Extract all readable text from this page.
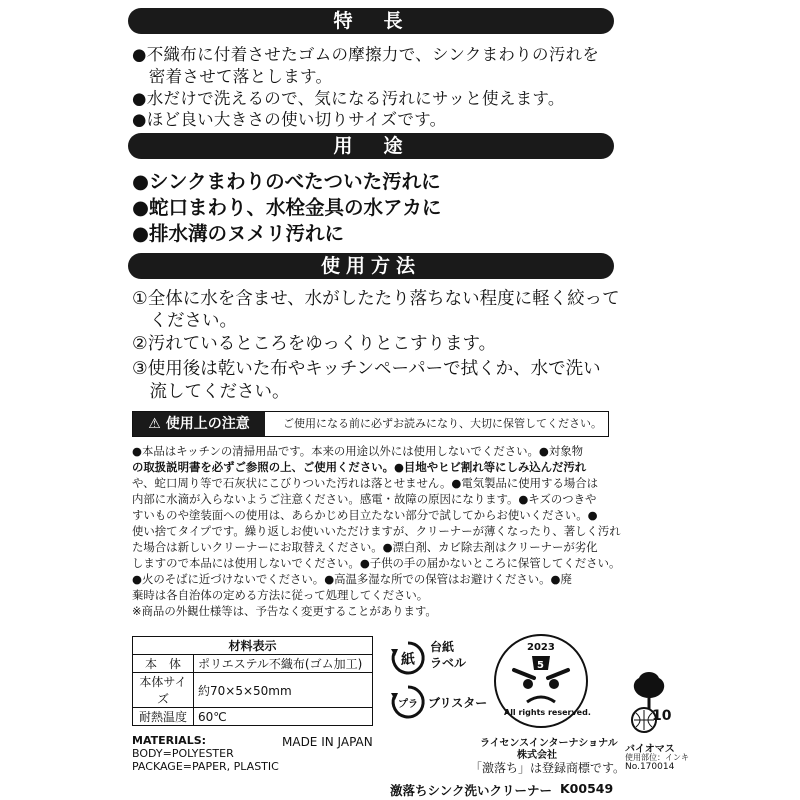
特　長
●不織布に付着させたゴムの摩擦力で、シンクまわりの汚れを
　密着させて落とします。
●水だけで洗えるので、気になる汚れにサッと使えます。
●ほど良い大きさの使い切りサイズです。
用　途
●シンクまわりのべたついた汚れに
●蛇口まわり、水栓金具の水アカに
●排水溝のヌメリ汚れに
使用方法
①全体に水を含ませ、水がしたたり落ちない程度に軽く絞って
　ください。
②汚れているところをゆっくりとこすります。
③使用後は乾いた布やキッチンペーパーで拭くか、水で洗い
　流してください。
⚠ 使用上の注意	ご使用になる前に必ずお読みになり、大切に保管してください。
●本品はキッチンの清掃用品です。本来の用途以外には使用しないでください。●対象物
の取扱説明書を必ずご参照の上、ご使用ください。●目地やヒビ割れ等にしみ込んだ汚れ
や、蛇口周り等で石灰状にこびりついた汚れは落とせません。●電気製品に使用する場合は
内部に水滴が入らないようご注意ください。感電・故障の原因になります。●キズのつきや
すいものや塗装面への使用は、あらかじめ目立たない部分で試してからお使いください。●
使い捨てタイプです。繰り返しお使いいただけますが、クリーナーが薄くなったり、著しく汚れ
た場合は新しいクリーナーにお取替えください。●漂白剤、カビ除去剤はクリーナーが劣化
しますので本品には使用しないでください。●子供の手の届かないところに保管してください。
●火のそばに近づけないでください。●高温多湿な所での保管はお避けください。●廃
棄時は各自治体の定める方法に従って処理してください。
※商品の外観仕様等は、予告なく変更することがあります。
材料表示	
本　体	ポリエステル不織布(ゴム加工)
本体サイズ	約70×5×50mm
耐熱温度	60℃
MATERIALS:
BODY=POLYESTER
PACKAGE=PAPER, PLASTIC
MADE IN JAPAN
紙
台紙
ラベル
プラ ブリスター
2023
5
All rights reserved.
ライセンスインターナショナル
株式会社
「激落ち」は登録商標です。
10
バイオマス
使用部位：インキ
No.170014
激落ちシンク洗いクリーナー K00549
